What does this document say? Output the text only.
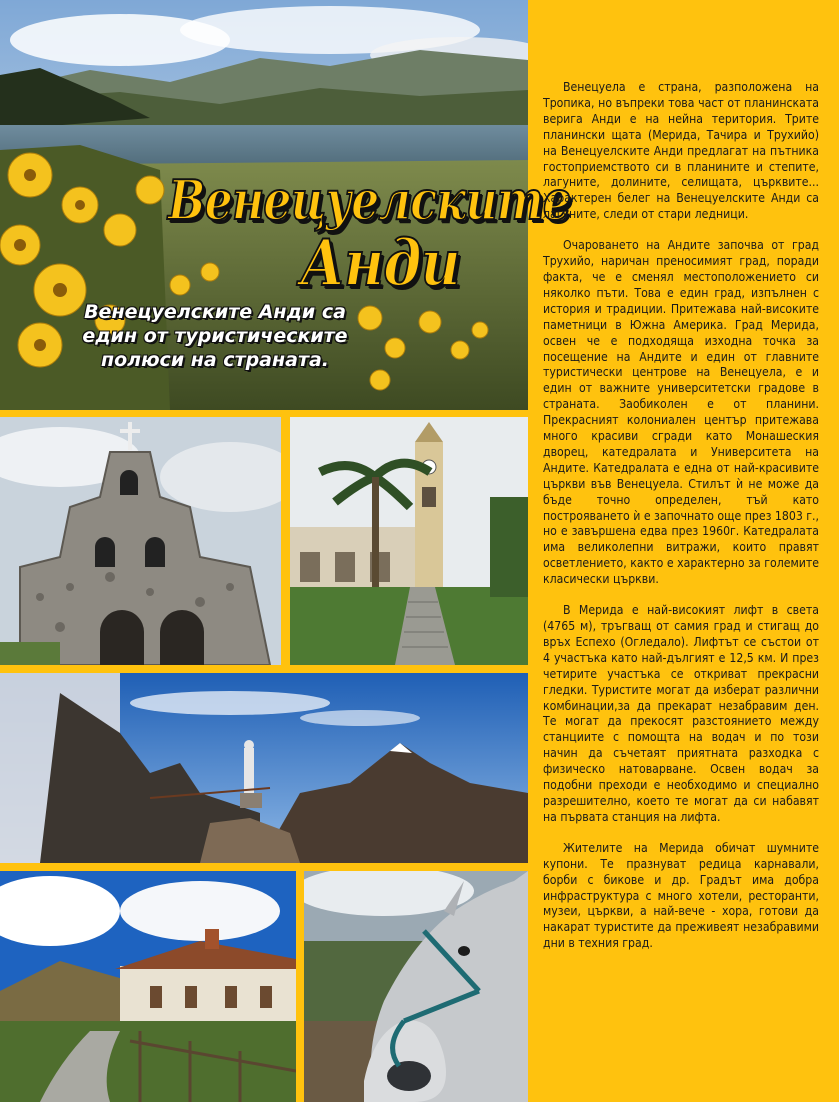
Венецуелските
Анди
Венецуелските Анди са един от туристическите полюси на страната.

Венецуела е страна, разположена на Тропика, но въпреки това част от планинската верига Анди е на нейна територия. Трите планински щата (Мерида, Тачира и Трухийо) на Венецуелските Анди предлагат на пътника гостоприемството си в планините и степите, лагуните, долините, селищата, църквите... Характерен белег на Венецуелските Анди са лагуните, следи от стари ледници.

Очароването на Андите започва от град Трухийо, наричан преносимият град, поради факта, че е сменял местоположението си няколко пъти. Това е един град, изпълнен с история и традиции. Притежава най-високите паметници в Южна Америка. Град Мерида, освен че е подходяща изходна точка за посещение на Андите и един от главните туристически центрове на Венецуела, е и един от важните университетски градове в страната. Заобиколен е от планини. Прекрасният колониален център притежава много красиви сгради като Монашеския дворец, катедралата и Университета на Андите. Катедралата е една от най-красивите църкви във Венецуела. Стилът ѝ не може да бъде точно определен, тъй като построяването ѝ е започнато още през 1803 г., но е завършена едва през 1960г. Катедралата има великолепни витражи, които правят осветлението, както е характерно за големите класически църкви.

В Мерида е най-високият лифт в света (4765 м), тръгващ от самия град и стигащ до връх Еспехо (Огледало). Лифтът се състои от 4 участъка като най-дългият е 12,5 км. И през четирите участъка се откриват прекрасни гледки. Туристите могат да изберат различни комбинации,за да прекарат незабравим ден. Те могат да прекосят разстоянието между станциите с помощта на водач и по този начин да съчетаят приятната разходка с физическо натоварване. Освен водач за подобни преходи е необходимо и специално разрешително, което те могат да си набавят на първата станция на лифта.

Жителите на Мерида обичат шумните купони. Те празнуват редица карнавали, борби с бикове и др. Градът има добра инфраструктура с много хотели, ресторанти, музеи, църкви, а най-вече - хора, готови да накарат туристите да преживеят незабравими дни в техния град.
